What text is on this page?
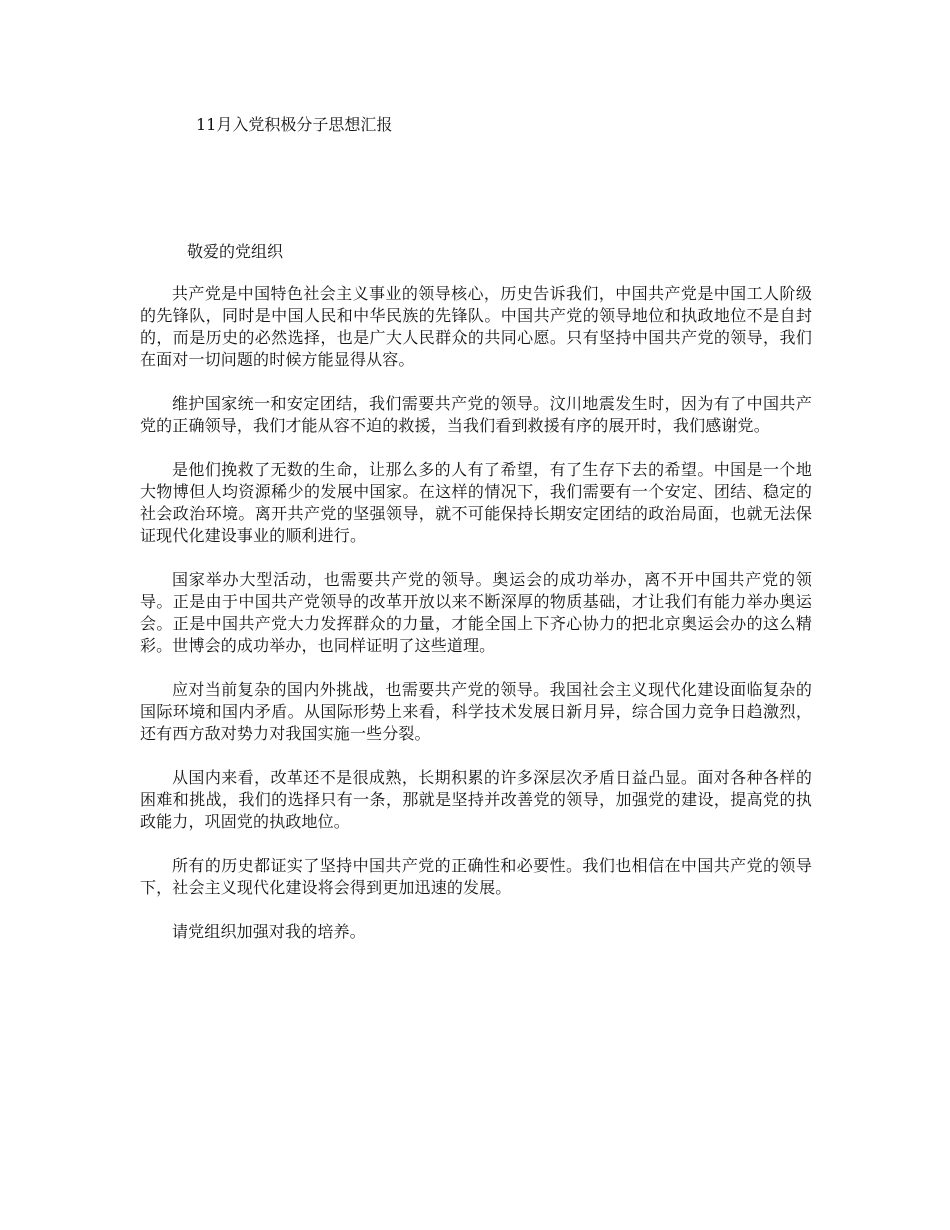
11月入党积极分子思想汇报

敬爱的党组织

共产党是中国特色社会主义事业的领导核心，历史告诉我们，中国共产党是中国工人阶级的先锋队，同时是中国人民和中华民族的先锋队。中国共产党的领导地位和执政地位不是自封的，而是历史的必然选择，也是广大人民群众的共同心愿。只有坚持中国共产党的领导，我们在面对一切问题的时候方能显得从容。

维护国家统一和安定团结，我们需要共产党的领导。汶川地震发生时，因为有了中国共产党的正确领导，我们才能从容不迫的救援，当我们看到救援有序的展开时，我们感谢党。

是他们挽救了无数的生命，让那么多的人有了希望，有了生存下去的希望。中国是一个地大物博但人均资源稀少的发展中国家。在这样的情况下，我们需要有一个安定、团结、稳定的社会政治环境。离开共产党的坚强领导，就不可能保持长期安定团结的政治局面，也就无法保证现代化建设事业的顺利进行。

国家举办大型活动，也需要共产党的领导。奥运会的成功举办，离不开中国共产党的领导。正是由于中国共产党领导的改革开放以来不断深厚的物质基础，才让我们有能力举办奥运会。正是中国共产党大力发挥群众的力量，才能全国上下齐心协力的把北京奥运会办的这么精彩。世博会的成功举办，也同样证明了这些道理。

应对当前复杂的国内外挑战，也需要共产党的领导。我国社会主义现代化建设面临复杂的国际环境和国内矛盾。从国际形势上来看，科学技术发展日新月异，综合国力竞争日趋激烈，还有西方敌对势力对我国实施一些分裂。

从国内来看，改革还不是很成熟，长期积累的许多深层次矛盾日益凸显。面对各种各样的困难和挑战，我们的选择只有一条，那就是坚持并改善党的领导，加强党的建设，提高党的执政能力，巩固党的执政地位。

所有的历史都证实了坚持中国共产党的正确性和必要性。我们也相信在中国共产党的领导下，社会主义现代化建设将会得到更加迅速的发展。

请党组织加强对我的培养。
